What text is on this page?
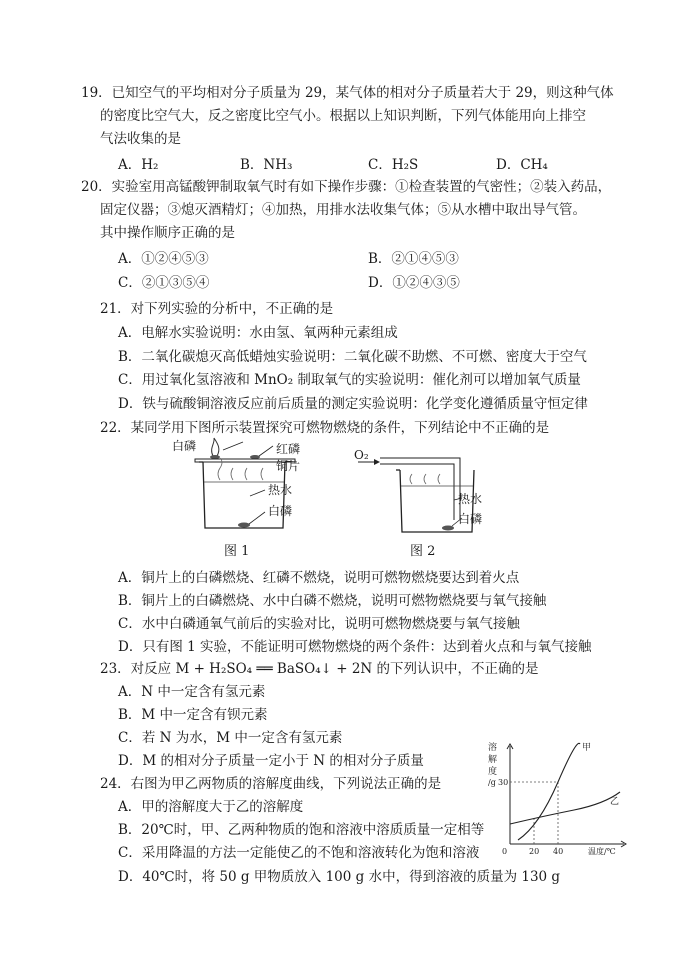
19．已知空气的平均相对分子质量为 29，某气体的相对分子质量若大于 29，则这种气体
的密度比空气大，反之密度比空气小。根据以上知识判断，下列气体能用向上排空
气法收集的是
A．H₂	B．NH₃	C．H₂S	D．CH₄
20．实验室用高锰酸钾制取氧气时有如下操作步骤：①检查装置的气密性；②装入药品，
固定仪器；③熄灭酒精灯；④加热，用排水法收集气体；⑤从水槽中取出导气管。
其中操作顺序正确的是
A．①②④⑤③	B．②①④⑤③
C．②①③⑤④	D．①②④③⑤
21．对下列实验的分析中，不正确的是
A．电解水实验说明：水由氢、氧两种元素组成
B．二氧化碳熄灭高低蜡烛实验说明：二氧化碳不助燃、不可燃、密度大于空气
C．用过氧化氢溶液和 MnO₂ 制取氧气的实验说明：催化剂可以增加氧气质量
D．铁与硫酸铜溶液反应前后质量的测定实验说明：化学变化遵循质量守恒定律
22．某同学用下图所示装置探究可燃物燃烧的条件，下列结论中不正确的是
白磷	红磷
铜片
热水
白磷
图 1
O₂
热水
白磷
图 2
A．铜片上的白磷燃烧、红磷不燃烧，说明可燃物燃烧要达到着火点
B．铜片上的白磷燃烧、水中白磷不燃烧，说明可燃物燃烧要与氧气接触
C．水中白磷通氧气前后的实验对比，说明可燃物燃烧要与氧气接触
D．只有图 1 实验，不能证明可燃物燃烧的两个条件：达到着火点和与氧气接触
23．对反应 M + H₂SO₄ ══ BaSO₄↓ + 2N 的下列认识中，不正确的是
A．N 中一定含有氢元素
B．M 中一定含有钡元素
C．若 N 为水，M 中一定含有氢元素
D．M 的相对分子质量一定小于 N 的相对分子质量
24．右图为甲乙两物质的溶解度曲线，下列说法正确的是
A．甲的溶解度大于乙的溶解度
B．20℃时，甲、乙两种物质的饱和溶液中溶质质量一定相等
C．采用降温的方法一定能使乙的不饱和溶液转化为饱和溶液
D．40℃时，将 50 g 甲物质放入 100 g 水中，得到溶液的质量为 130 g
溶
解
度
/g 30
0	20 40	温度/℃
甲
乙
